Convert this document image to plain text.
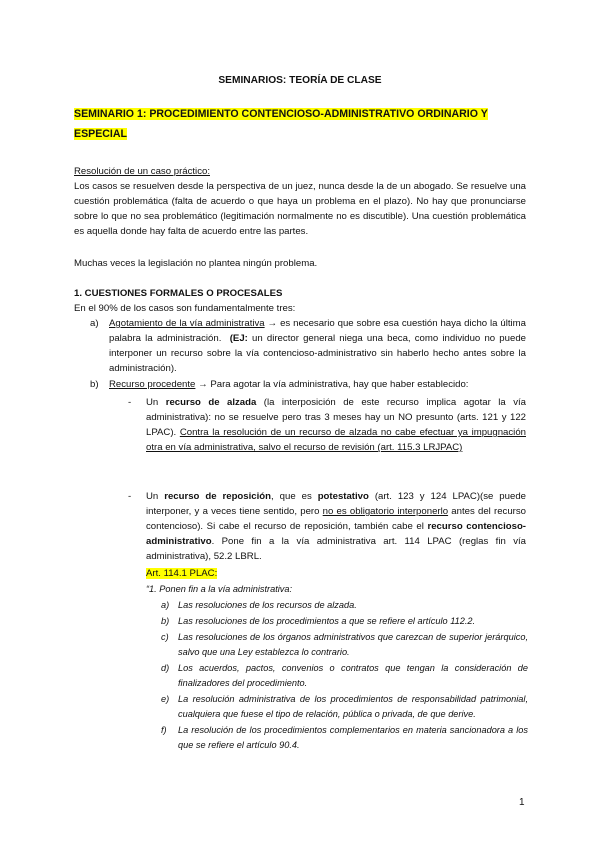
SEMINARIOS: TEORÍA DE CLASE
SEMINARIO 1: PROCEDIMIENTO CONTENCIOSO-ADMINISTRATIVO ORDINARIO Y ESPECIAL
Resolución de un caso práctico:
Los casos se resuelven desde la perspectiva de un juez, nunca desde la de un abogado. Se resuelve una cuestión problemática (falta de acuerdo o que haya un problema en el plazo). No hay que pronunciarse sobre lo que no sea problemático (legitimación normalmente no es discutible). Una cuestión problemática es aquella donde hay falta de acuerdo entre las partes.
Muchas veces la legislación no plantea ningún problema.
1. CUESTIONES FORMALES O PROCESALES
En el 90% de los casos son fundamentalmente tres:
a) Agotamiento de la vía administrativa → es necesario que sobre esa cuestión haya dicho la última palabra la administración. (EJ: un director general niega una beca, como individuo no puede interponer un recurso sobre la vía contencioso-administrativo sin haberlo hecho antes sobre la administración).
b) Recurso procedente → Para agotar la vía administrativa, hay que haber establecido:
- Un recurso de alzada (la interposición de este recurso implica agotar la vía administrativa): no se resuelve pero tras 3 meses hay un NO presunto (arts. 121 y 122 LPAC). Contra la resolución de un recurso de alzada no cabe efectuar ya impugnación otra en vía administrativa, salvo el recurso de revisión (art. 115.3 LRJPAC)
- Un recurso de reposición, que es potestativo (art. 123 y 124 LPAC)(se puede interponer, y a veces tiene sentido, pero no es obligatorio interponerlo antes del recurso contencioso). Si cabe el recurso de reposición, también cabe el recurso contencioso-administrativo. Pone fin a la vía administrativa art. 114 LPAC (reglas fin vía administrativa), 52.2 LBRL.
Art. 114.1 PLAC:
“1. Ponen fin a la vía administrativa:
a) Las resoluciones de los recursos de alzada.
b) Las resoluciones de los procedimientos a que se refiere el artículo 112.2.
c) Las resoluciones de los órganos administrativos que carezcan de superior jerárquico, salvo que una Ley establezca lo contrario.
d) Los acuerdos, pactos, convenios o contratos que tengan la consideración de finalizadores del procedimiento.
e) La resolución administrativa de los procedimientos de responsabilidad patrimonial, cualquiera que fuese el tipo de relación, pública o privada, de que derive.
f) La resolución de los procedimientos complementarios en materia sancionadora a los que se refiere el artículo 90.4.
1
